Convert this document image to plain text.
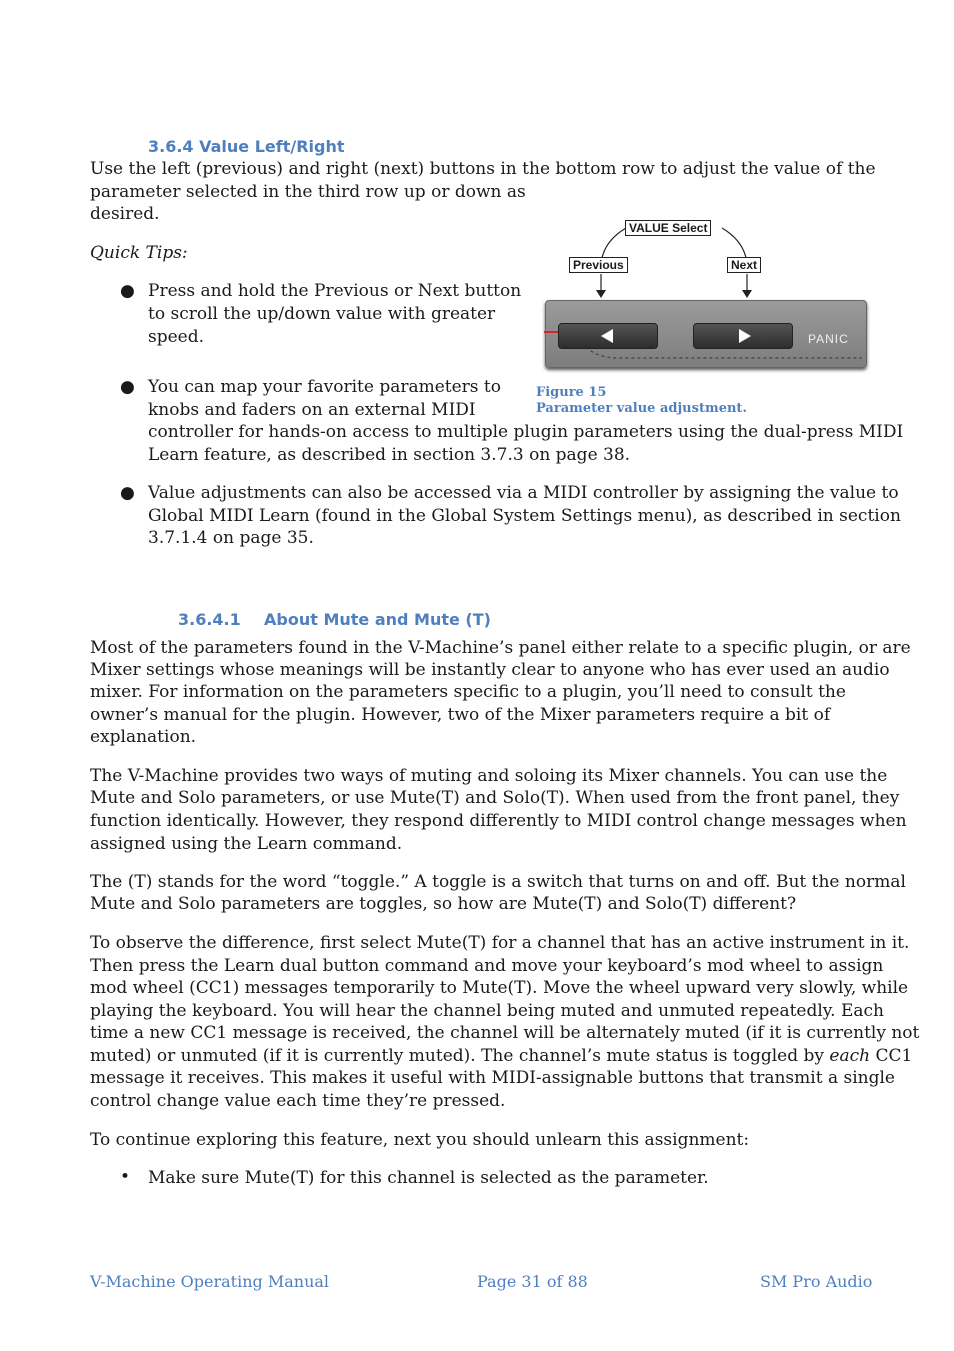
3.6.4 Value Left/Right
Use the left (previous) and right (next) buttons in the bottom row to adjust the value of the
parameter selected in the third row up or down as
desired.
Quick Tips:
● Press and hold the Previous or Next button
to scroll the up/down value with greater
speed.
● You can map your favorite parameters to
knobs and faders on an external MIDI
controller for hands-on access to multiple plugin parameters using the dual-press MIDI
Learn feature, as described in section 3.7.3 on page 38.
● Value adjustments can also be accessed via a MIDI controller by assigning the value to
Global MIDI Learn (found in the Global System Settings menu), as described in section
3.7.1.4 on page 35.
VALUE Select
Previous	Next
PANIC
Figure 15
Parameter value adjustment.
3.6.4.1 About Mute and Mute (T)
Most of the parameters found in the V-Machine’s panel either relate to a specific plugin, or are
Mixer settings whose meanings will be instantly clear to anyone who has ever used an audio
mixer. For information on the parameters specific to a plugin, you’ll need to consult the
owner’s manual for the plugin. However, two of the Mixer parameters require a bit of
explanation.
The V-Machine provides two ways of muting and soloing its Mixer channels. You can use the
Mute and Solo parameters, or use Mute(T) and Solo(T). When used from the front panel, they
function identically. However, they respond differently to MIDI control change messages when
assigned using the Learn command.
The (T) stands for the word “toggle.” A toggle is a switch that turns on and off. But the normal
Mute and Solo parameters are toggles, so how are Mute(T) and Solo(T) different?
To observe the difference, first select Mute(T) for a channel that has an active instrument in it.
Then press the Learn dual button command and move your keyboard’s mod wheel to assign
mod wheel (CC1) messages temporarily to Mute(T). Move the wheel upward very slowly, while
playing the keyboard. You will hear the channel being muted and unmuted repeatedly. Each
time a new CC1 message is received, the channel will be alternately muted (if it is currently not
muted) or unmuted (if it is currently muted). The channel’s mute status is toggled by each CC1
message it receives. This makes it useful with MIDI-assignable buttons that transmit a single
control change value each time they’re pressed.
To continue exploring this feature, next you should unlearn this assignment:
• Make sure Mute(T) for this channel is selected as the parameter.
V-Machine Operating Manual	Page 31 of 88	SM Pro Audio
